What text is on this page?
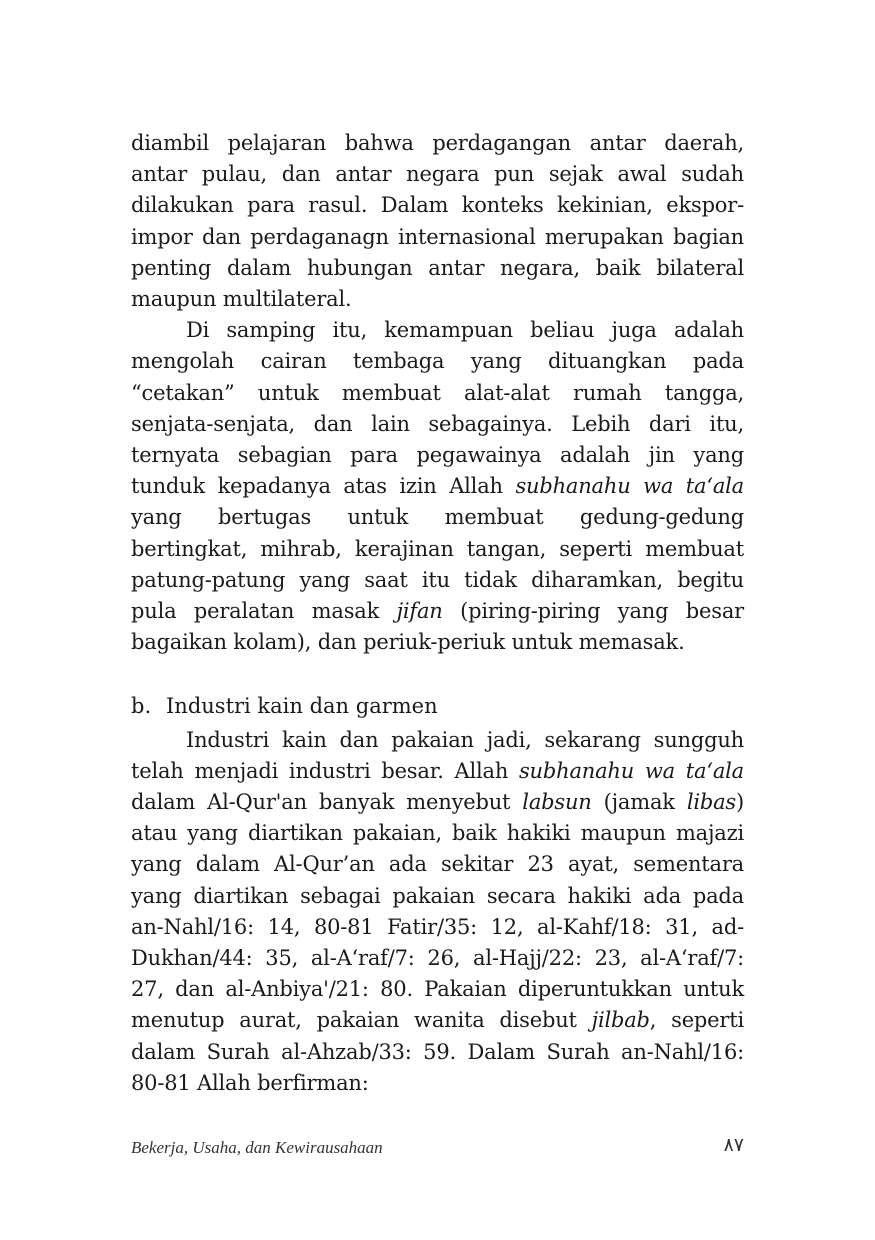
diambil pelajaran bahwa perdagangan antar daerah, antar pulau, dan antar negara pun sejak awal sudah dilakukan para rasul. Dalam konteks kekinian, ekspor-impor dan perdaganagn internasional merupakan bagian penting dalam hubungan antar negara, baik bilateral maupun multilateral.

Di samping itu, kemampuan beliau juga adalah mengolah cairan tembaga yang dituangkan pada “cetakan” untuk membuat alat-alat rumah tangga, senjata-senjata, dan lain sebagainya. Lebih dari itu, ternyata sebagian para pegawainya adalah jin yang tunduk kepadanya atas izin Allah subhanahu wa ta‘ala yang bertugas untuk membuat gedung-gedung bertingkat, mihrab, kerajinan tangan, seperti membuat patung-patung yang saat itu tidak diharamkan, begitu pula peralatan masak jifan (piring-piring yang besar bagaikan kolam), dan periuk-periuk untuk memasak.

b. Industri kain dan garmen

Industri kain dan pakaian jadi, sekarang sungguh telah menjadi industri besar. Allah subhanahu wa ta‘ala dalam Al-Qur'an banyak menyebut labsun (jamak libas) atau yang diartikan pakaian, baik hakiki maupun majazi yang dalam Al-Qur’an ada sekitar 23 ayat, sementara yang diartikan sebagai pakaian secara hakiki ada pada an-Nahl/16: 14, 80-81 Fatir/35: 12, al-Kahf/18: 31, ad-Dukhan/44: 35, al-A‘raf/7: 26, al-Hajj/22: 23, al-A‘raf/7: 27, dan al-Anbiya'/21: 80. Pakaian diperuntukkan untuk menutup aurat, pakaian wanita disebut jilbab, seperti dalam Surah al-Ahzab/33: 59. Dalam Surah an-Nahl/16: 80-81 Allah berfirman:

Bekerja, Usaha, dan Kewirausahaan	٨٧
